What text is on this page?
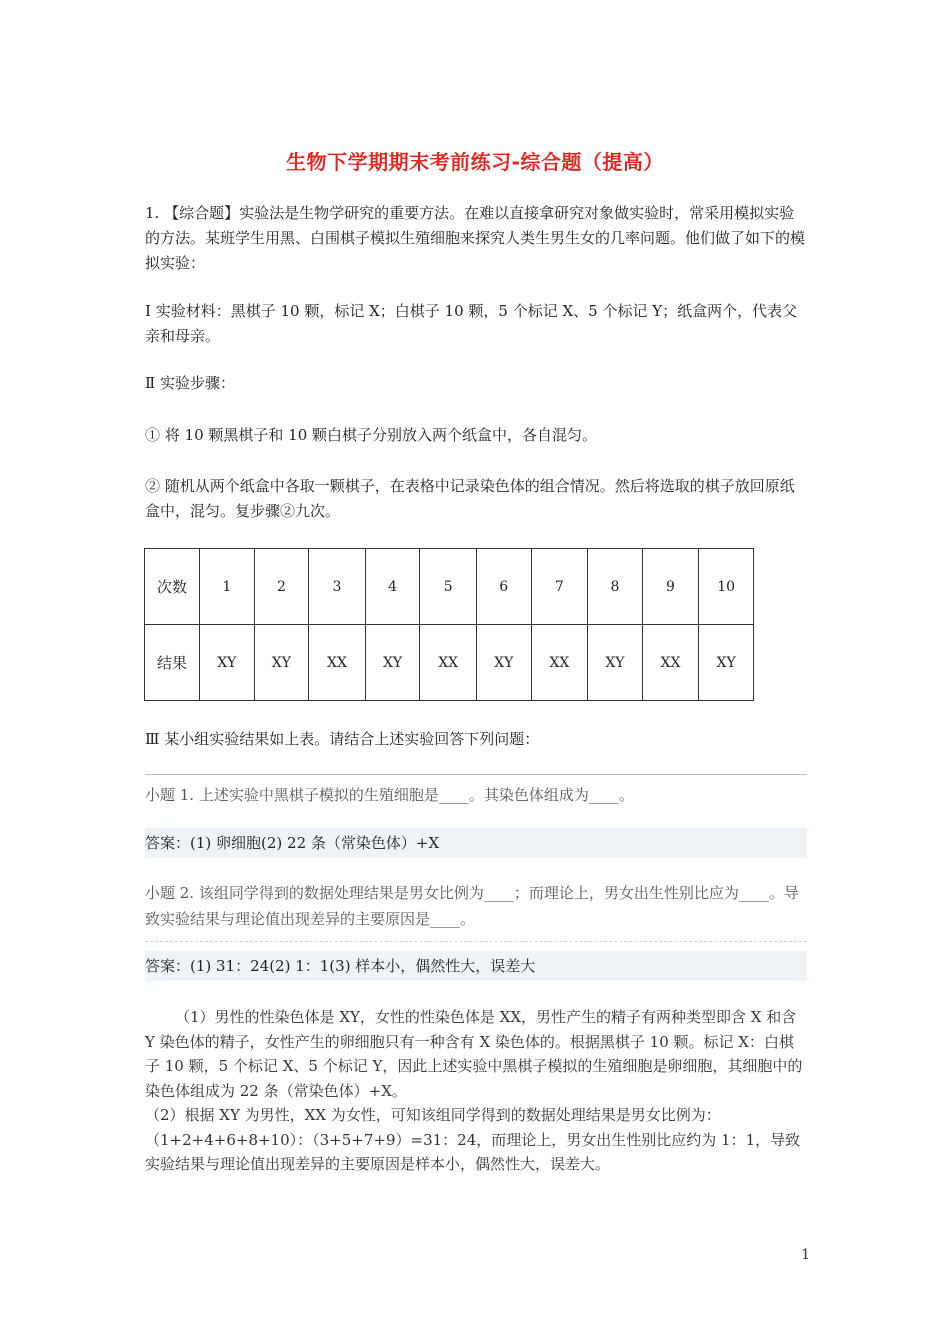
生物下学期期末考前练习-综合题（提高）
1. 【综合题】实验法是生物学研究的重要方法。在难以直接拿研究对象做实验时，常采用模拟实验的方法。某班学生用黑、白围棋子模拟生殖细胞来探究人类生男生女的几率问题。他们做了如下的模拟实验：
Ⅰ 实验材料：黑棋子 10 颗，标记 X；白棋子 10 颗，5 个标记 X、5 个标记 Y；纸盒两个，代表父亲和母亲。
Ⅱ 实验步骤：
① 将 10 颗黑棋子和 10 颗白棋子分别放入两个纸盒中，各自混匀。
② 随机从两个纸盒中各取一颗棋子，在表格中记录染色体的组合情况。然后将选取的棋子放回原纸盒中，混匀。复步骤②九次。
次数	1	2	3	4	5	6	7	8	9	10
结果	XY	XY	XX	XY	XX	XY	XX	XY	XX	XY
Ⅲ 某小组实验结果如上表。请结合上述实验回答下列问题：
小题 1. 上述实验中黑棋子模拟的生殖细胞是____。其染色体组成为____。
答案：(1) 卵细胞(2) 22 条（常染色体）+X
小题 2. 该组同学得到的数据处理结果是男女比例为____；而理论上，男女出生性别比应为____。导致实验结果与理论值出现差异的主要原因是____。
答案：(1) 31：24(2) 1：1(3) 样本小，偶然性大，误差大

（1）男性的性染色体是 XY，女性的性染色体是 XX，男性产生的精子有两种类型即含 X 和含 Y 染色体的精子，女性产生的卵细胞只有一种含有 X 染色体的。根据黑棋子 10 颗。标记 X：白棋子 10 颗，5 个标记 X、5 个标记 Y，因此上述实验中黑棋子模拟的生殖细胞是卵细胞，其细胞中的染色体组成为 22 条（常染色体）+X。

（2）根据 XY 为男性，XX 为女性，可知该组同学得到的数据处理结果是男女比例为：（1+2+4+6+8+10）：（3+5+7+9）=31：24，而理论上，男女出生性别比应约为 1：1，导致实验结果与理论值出现差异的主要原因是样本小，偶然性大，误差大。

1
